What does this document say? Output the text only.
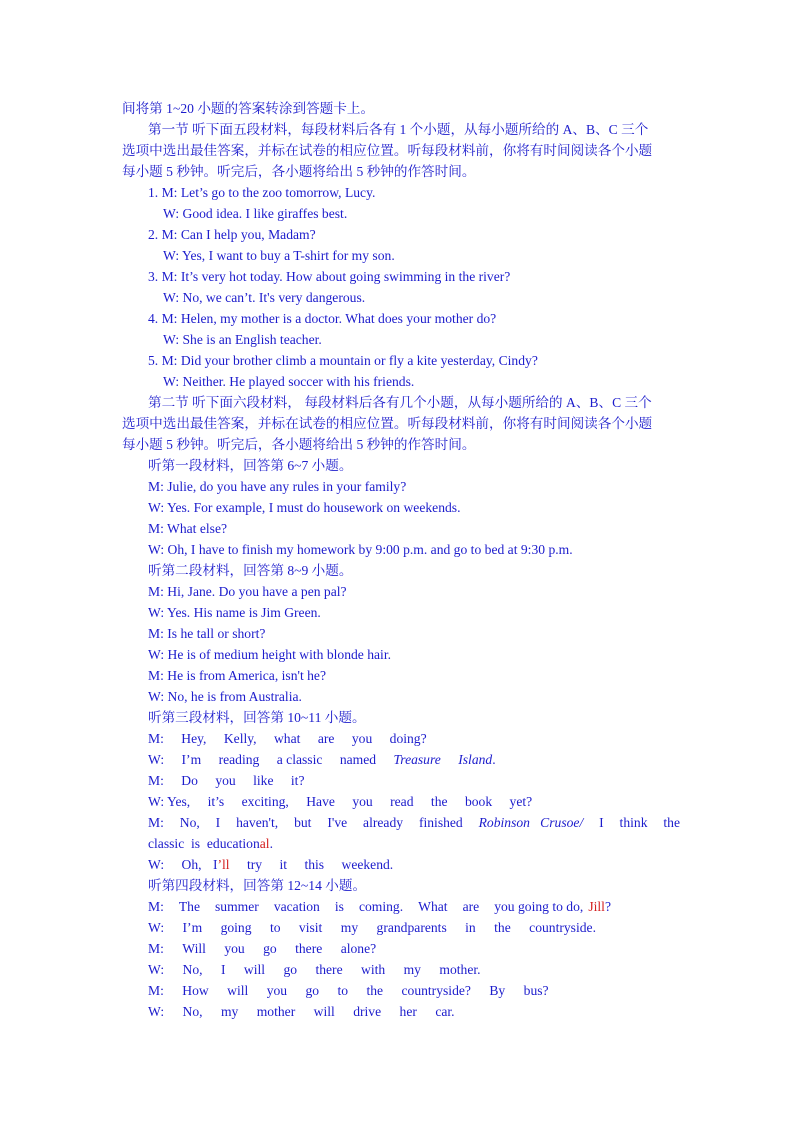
间将第 1~20 小题的答案转涂到答题卡上。
第一节 听下面五段材料，每段材料后各有 1 个小题，从每小题所给的 A、B、C 三个
选项中选出最佳答案，并标在试卷的相应位置。听每段材料前，你将有时间阅读各个小题
每小题 5 秒钟。听完后，各小题将给出 5 秒钟的作答时间。
1. M: Let’s go to the zoo tomorrow, Lucy.
W: Good idea. I like giraffes best.
2. M: Can I help you, Madam?
W: Yes, I want to buy a T-shirt for my son.
3. M: It’s very hot today. How about going swimming in the river?
W: No, we can’t. It's very dangerous.
4. M: Helen, my mother is a doctor. What does your mother do?
W: She is an English teacher.
5. M: Did your brother climb a mountain or fly a kite yesterday, Cindy?
W: Neither. He played soccer with his friends.
第二节 听下面六段材料， 每段材料后各有几个小题，从每小题所给的 A、B、C 三个
选项中选出最佳答案，并标在试卷的相应位置。听每段材料前，你将有时间阅读各个小题
每小题 5 秒钟。听完后，各小题将给出 5 秒钟的作答时间。
听第一段材料，回答第 6~7 小题。
M: Julie, do you have any rules in your family?
W: Yes. For example, I must do housework on weekends.
M: What else?
W: Oh, I have to finish my homework by 9:00 p.m. and go to bed at 9:30 p.m.
听第二段材料，回答第 8~9 小题。
M: Hi, Jane. Do you have a pen pal?
W: Yes. His name is Jim Green.
M: Is he tall or short?
W: He is of medium height with blonde hair.
M: He is from America, isn't he?
W: No, he is from Australia.
听第三段材料，回答第 10~11 小题。
M: Hey, Kelly, what are you doing?
W: I’m reading a classic named Treasure Island.
M: Do you like it?
W: Yes, it’s exciting, Have you read the book yet?
M: No, I haven't, but I've already finished Robinson   Crusoe/ I think the
classic  is  educational.
W: Oh, I’ll try it this weekend.
听第四段材料，回答第 12~14 小题。
M: The summer vacation is coming. What are you going to do, Jill ?
W: I’m going to visit my grandparents in the countryside.
M: Will you go there alone?
W: No, I will go there with my mother.
M: How will you go to the countryside? By bus?
W: No, my mother will drive her car.
